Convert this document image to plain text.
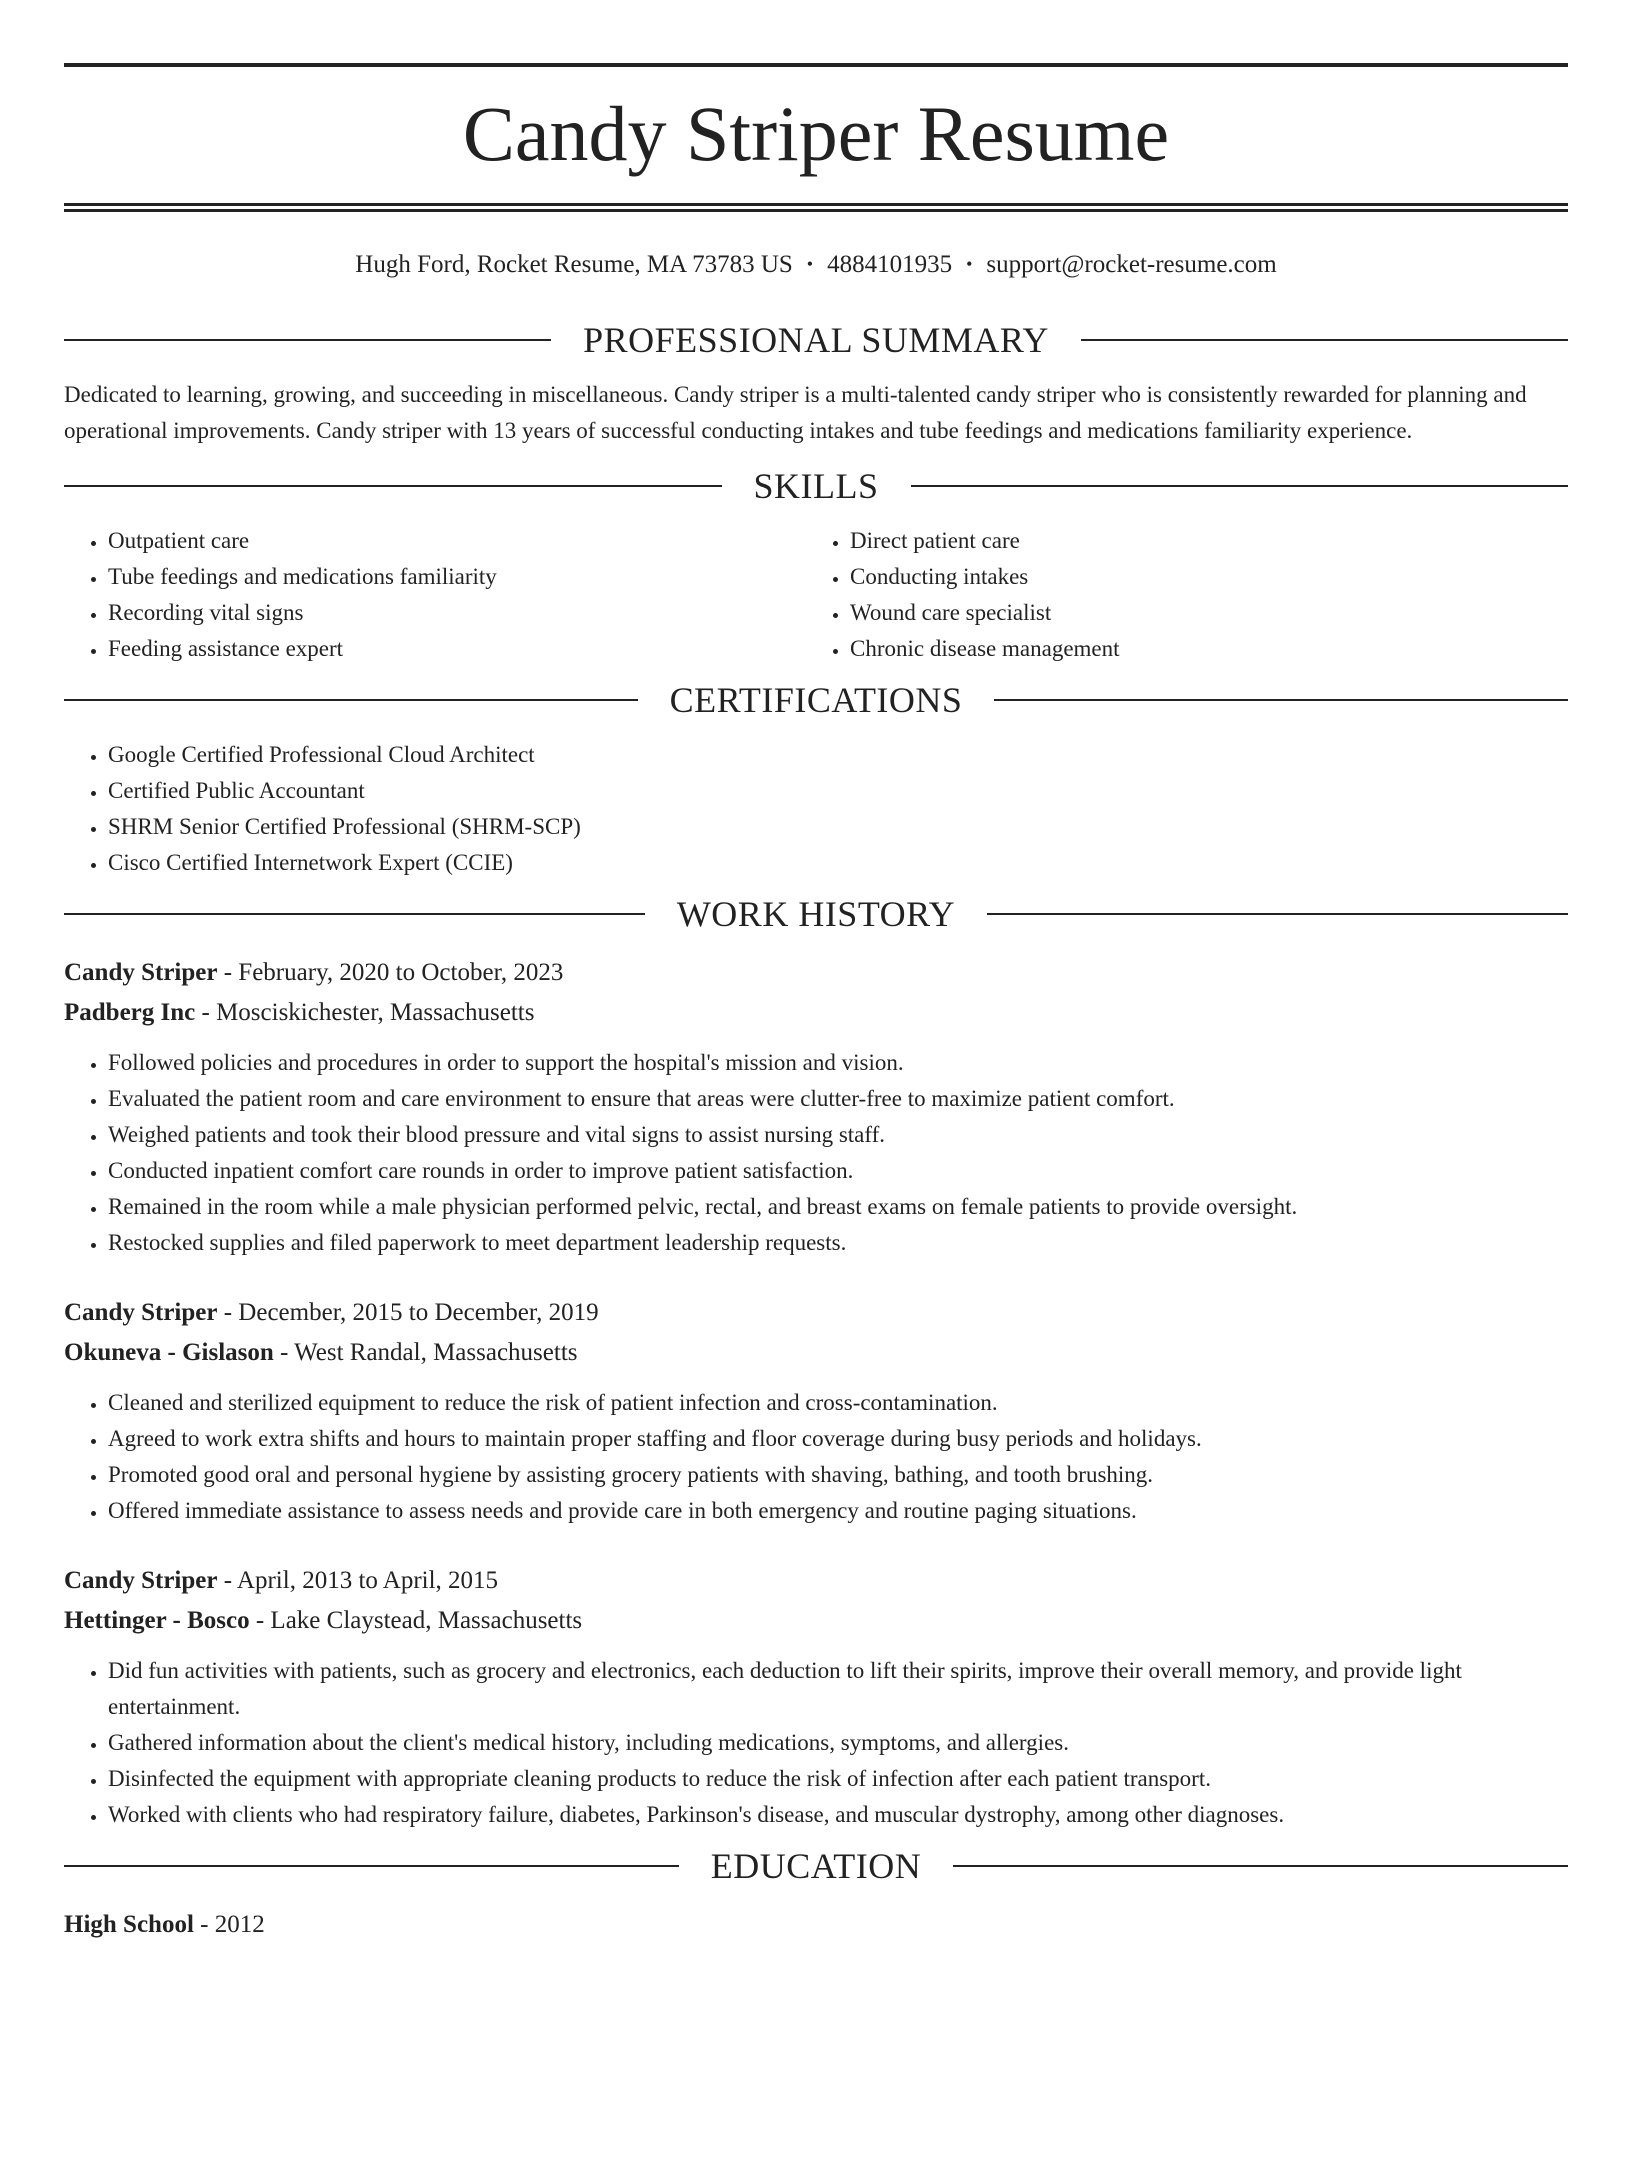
Candy Striper Resume
Hugh Ford, Rocket Resume, MA 73783 US • 4884101935 • support@rocket-resume.com
PROFESSIONAL SUMMARY

Dedicated to learning, growing, and succeeding in miscellaneous. Candy striper is a multi-talented candy striper who is consistently rewarded for planning and operational improvements. Candy striper with 13 years of successful conducting intakes and tube feedings and medications familiarity experience.

SKILLS
• Outpatient care
• Tube feedings and medications familiarity
• Recording vital signs
• Feeding assistance expert
• Direct patient care
• Conducting intakes
• Wound care specialist
• Chronic disease management
CERTIFICATIONS
• Google Certified Professional Cloud Architect
• Certified Public Accountant
• SHRM Senior Certified Professional (SHRM-SCP)
• Cisco Certified Internetwork Expert (CCIE)
WORK HISTORY
Candy Striper - February, 2020 to October, 2023
Padberg Inc - Mosciskichester, Massachusetts
• Followed policies and procedures in order to support the hospital's mission and vision.
• Evaluated the patient room and care environment to ensure that areas were clutter-free to maximize patient comfort.
• Weighed patients and took their blood pressure and vital signs to assist nursing staff.
• Conducted inpatient comfort care rounds in order to improve patient satisfaction.
• Remained in the room while a male physician performed pelvic, rectal, and breast exams on female patients to provide oversight.
• Restocked supplies and filed paperwork to meet department leadership requests.
Candy Striper - December, 2015 to December, 2019
Okuneva - Gislason - West Randal, Massachusetts
• Cleaned and sterilized equipment to reduce the risk of patient infection and cross-contamination.
• Agreed to work extra shifts and hours to maintain proper staffing and floor coverage during busy periods and holidays.
• Promoted good oral and personal hygiene by assisting grocery patients with shaving, bathing, and tooth brushing.
• Offered immediate assistance to assess needs and provide care in both emergency and routine paging situations.
Candy Striper - April, 2013 to April, 2015
Hettinger - Bosco - Lake Claystead, Massachusetts
• Did fun activities with patients, such as grocery and electronics, each deduction to lift their spirits, improve their overall memory, and provide light entertainment.
• Gathered information about the client's medical history, including medications, symptoms, and allergies.
• Disinfected the equipment with appropriate cleaning products to reduce the risk of infection after each patient transport.
• Worked with clients who had respiratory failure, diabetes, Parkinson's disease, and muscular dystrophy, among other diagnoses.
EDUCATION
High School - 2012
